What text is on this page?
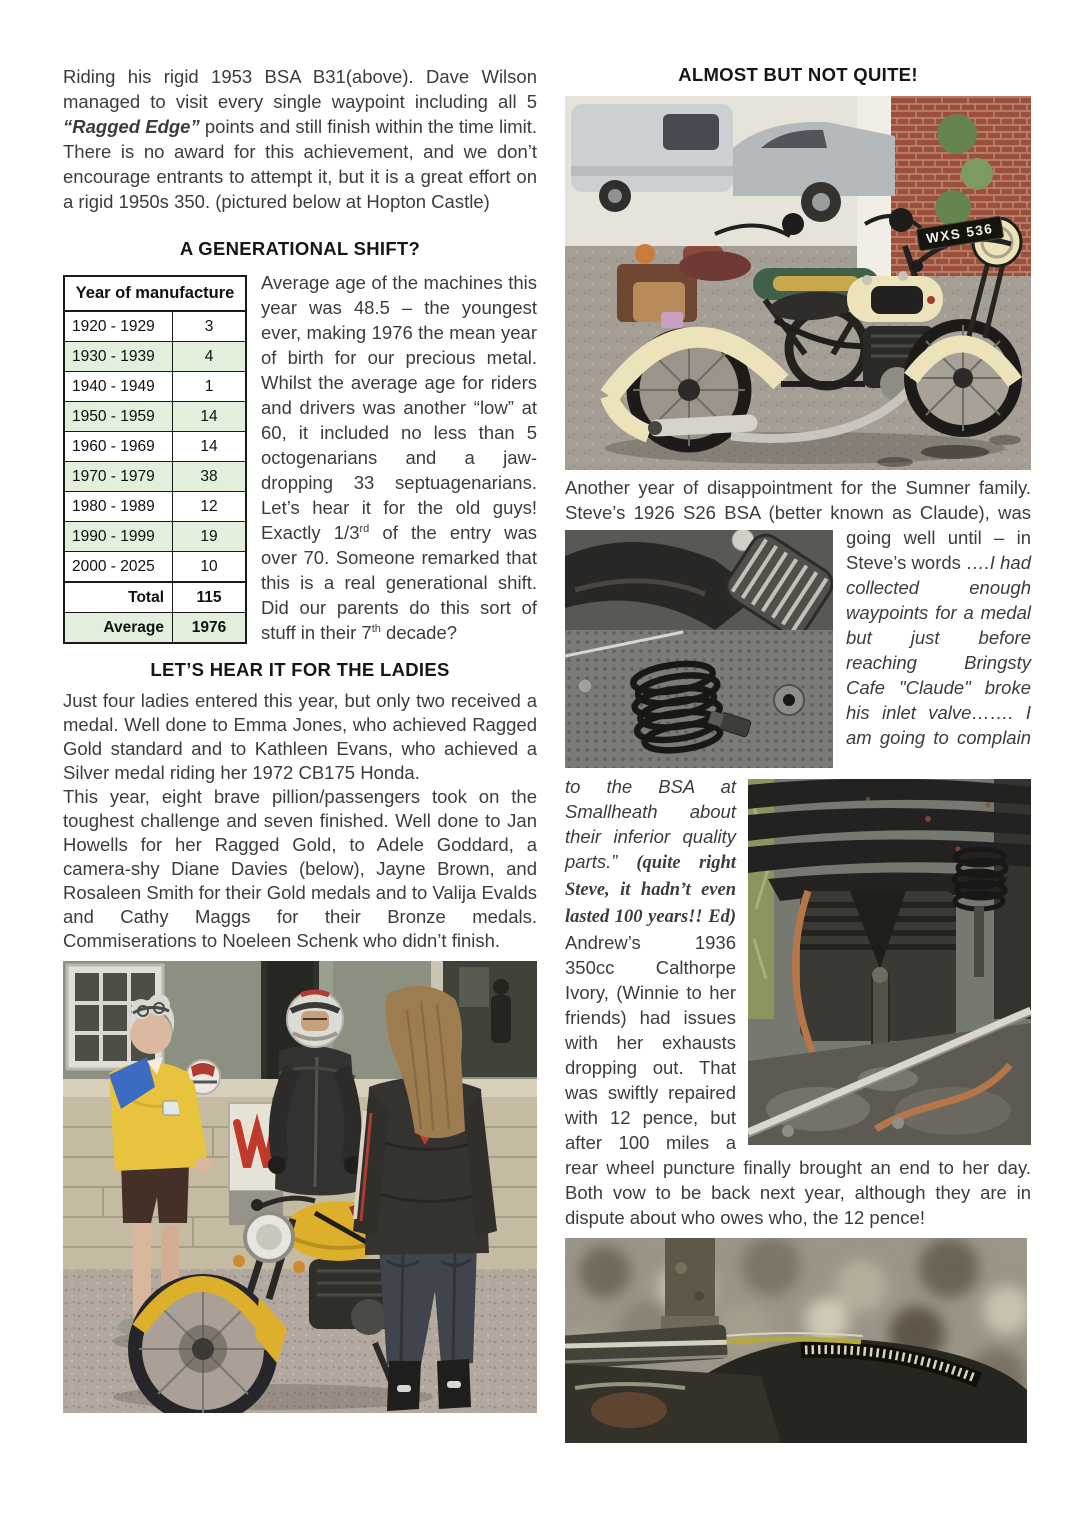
Riding his rigid 1953 BSA B31(above). Dave Wilson managed to visit every single waypoint including all 5 “Ragged Edge” points and still finish within the time limit. There is no award for this achievement, and we don’t encourage entrants to attempt it, but it is a great effort on a rigid 1950s 350. (pictured below at Hopton Castle)

A GENERATIONAL SHIFT?
Year of manufacture	
1920 - 1929	3
1930 - 1939	4
1940 - 1949	1
1950 - 1959	14
1960 - 1969	14
1970 - 1979	38
1980 - 1989	12
1990 - 1999	19
2000 - 2025	10
Total	115
Average	1976
Average age of the machines this year was 48.5 – the youngest ever, making 1976 the mean year of birth for our precious metal. Whilst the average age for riders and drivers was another “low” at 60, it included no less than 5 octogenarians and a jaw-dropping 33 septuagenarians. Let’s hear it for the old guys! Exactly 1/3rd of the entry was over 70. Someone remarked that this is a real generational shift. Did our parents do this sort of stuff in their 7th decade?
LET’S HEAR IT FOR THE LADIES

Just four ladies entered this year, but only two received a medal. Well done to Emma Jones, who achieved Ragged Gold standard and to Kathleen Evans, who achieved a Silver medal riding her 1972 CB175 Honda.

This year, eight brave pillion/passengers took on the toughest challenge and seven finished. Well done to Jan Howells for her Ragged Gold, to Adele Goddard, a camera-shy Diane Davies (below), Jayne Brown, and Rosaleen Smith for their Gold medals and to Valija Evalds and Cathy Maggs for their Bronze medals. Commiserations to Noeleen Schenk who didn’t finish.

ALMOST BUT NOT QUITE!
WXS 536
Another year of disappointment for the Sumner family. Steve’s 1926 S26 BSA (better known as
Claude), was going well until – in Steve’s words ….I had collected enough waypoints for a medal but just before reaching Bringsty Cafe "Claude" broke his inlet valve……. I am
going to complain to the BSA at Smallheath about their inferior quality parts.” (quite right Steve, it hadn’t even lasted 100 years!! Ed) Andrew’s 1936 350cc Calthorpe Ivory, (Winnie to her friends) had issues with her exhausts dropping out. That was swiftly repaired with 12 pence, but after 100 miles a rear wheel puncture finally brought an end to her day. Both vow to be back next year, although they are in dispute about who owes who, the 12 pence!
